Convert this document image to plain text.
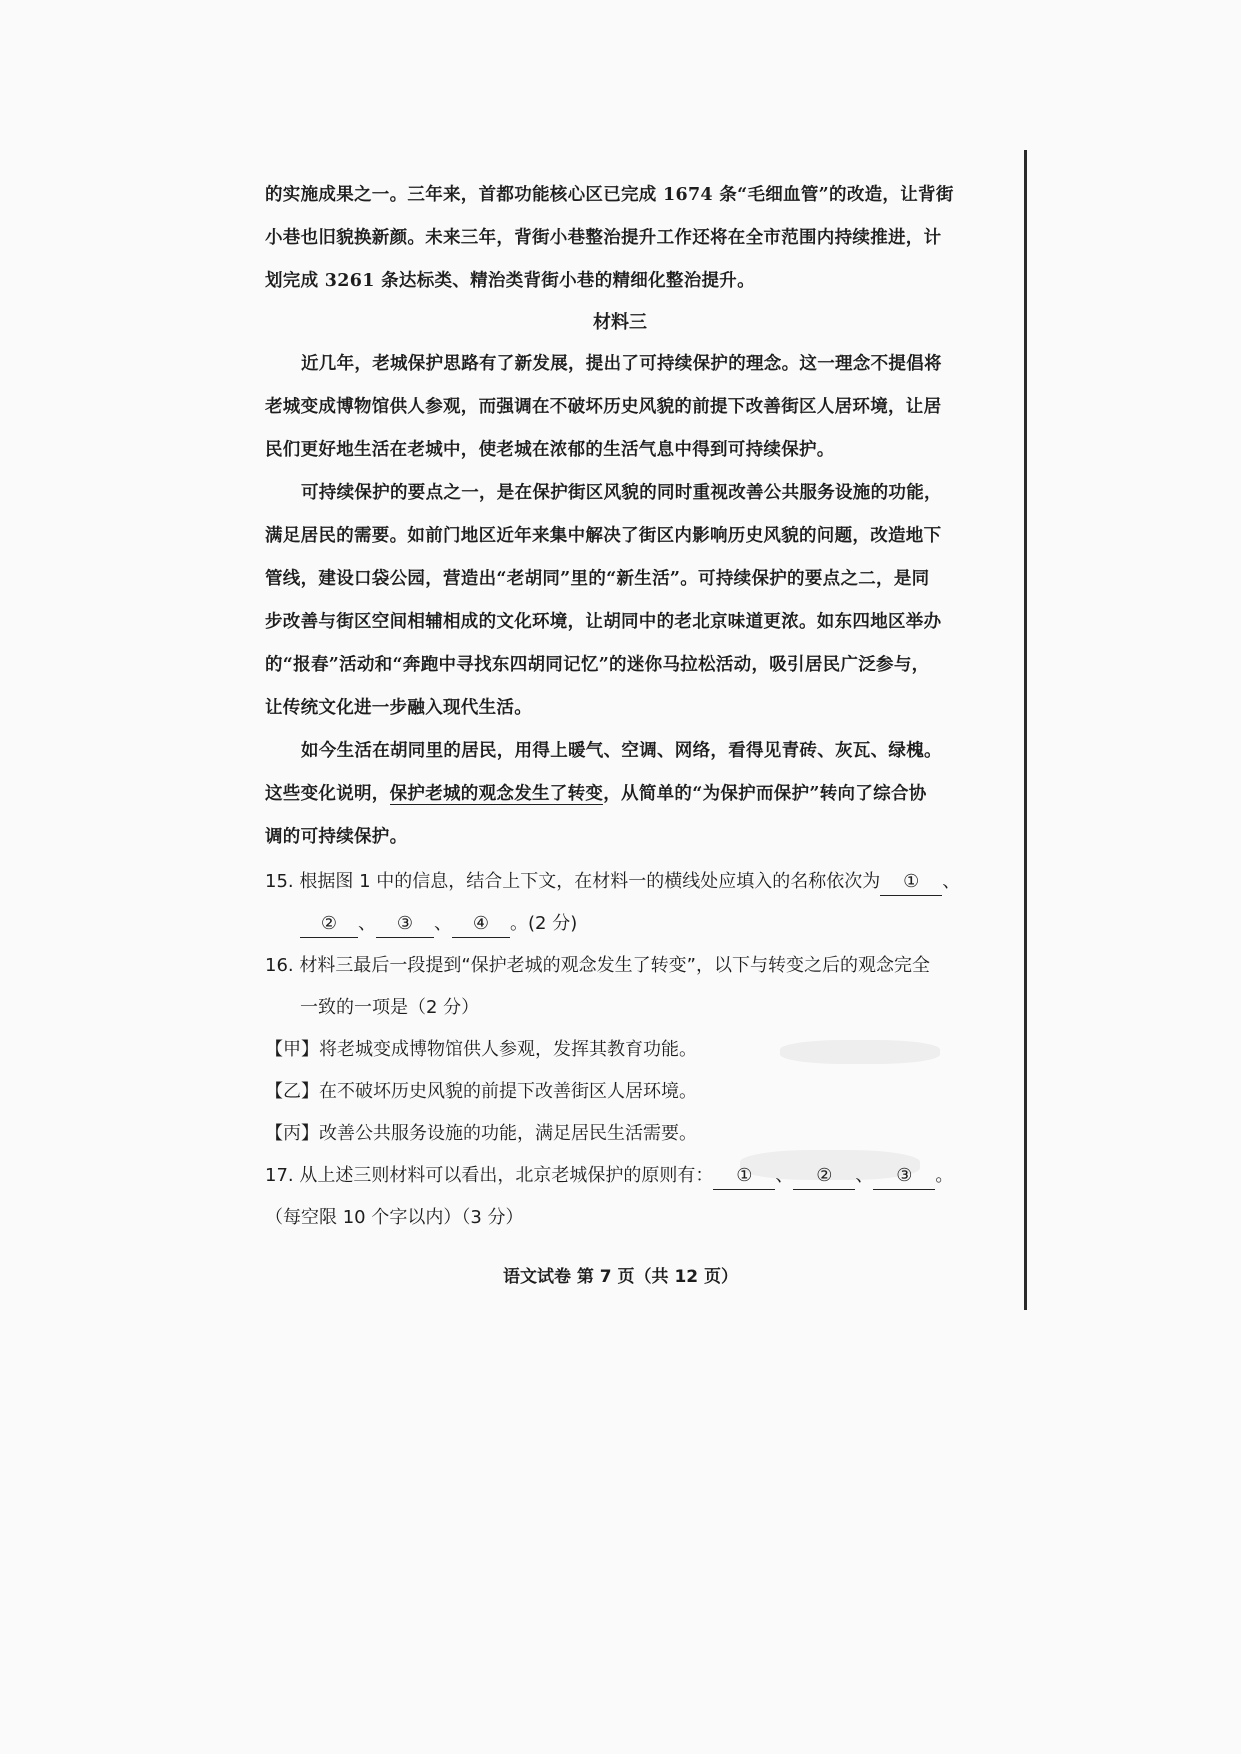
的实施成果之一。三年来，首都功能核心区已完成 1674 条“毛细血管”的改造，让背街

小巷也旧貌换新颜。未来三年，背街小巷整治提升工作还将在全市范围内持续推进，计

划完成 3261 条达标类、精治类背街小巷的精细化整治提升。

材料三

近几年，老城保护思路有了新发展，提出了可持续保护的理念。这一理念不提倡将

老城变成博物馆供人参观，而强调在不破坏历史风貌的前提下改善街区人居环境，让居

民们更好地生活在老城中，使老城在浓郁的生活气息中得到可持续保护。

可持续保护的要点之一，是在保护街区风貌的同时重视改善公共服务设施的功能，

满足居民的需要。如前门地区近年来集中解决了街区内影响历史风貌的问题，改造地下

管线，建设口袋公园，营造出“老胡同”里的“新生活”。可持续保护的要点之二，是同

步改善与街区空间相辅相成的文化环境，让胡同中的老北京味道更浓。如东四地区举办

的“报春”活动和“奔跑中寻找东四胡同记忆”的迷你马拉松活动，吸引居民广泛参与，

让传统文化进一步融入现代生活。

如今生活在胡同里的居民，用得上暖气、空调、网络，看得见青砖、灰瓦、绿槐。

这些变化说明，保护老城的观念发生了转变，从简单的“为保护而保护”转向了综合协

调的可持续保护。

15. 根据图 1 中的信息，结合上下文，在材料一的横线处应填入的名称依次为 ① 、

② 、 ③ 、 ④ 。(2 分)

16. 材料三最后一段提到“保护老城的观念发生了转变”，以下与转变之后的观念完全

一致的一项是（2 分）

【甲】将老城变成博物馆供人参观，发挥其教育功能。

【乙】在不破坏历史风貌的前提下改善街区人居环境。

【丙】改善公共服务设施的功能，满足居民生活需要。

17. 从上述三则材料可以看出，北京老城保护的原则有： ① 、 ② 、 ③ 。

（每空限 10 个字以内）（3 分）

语文试卷 第 7 页（共 12 页）
